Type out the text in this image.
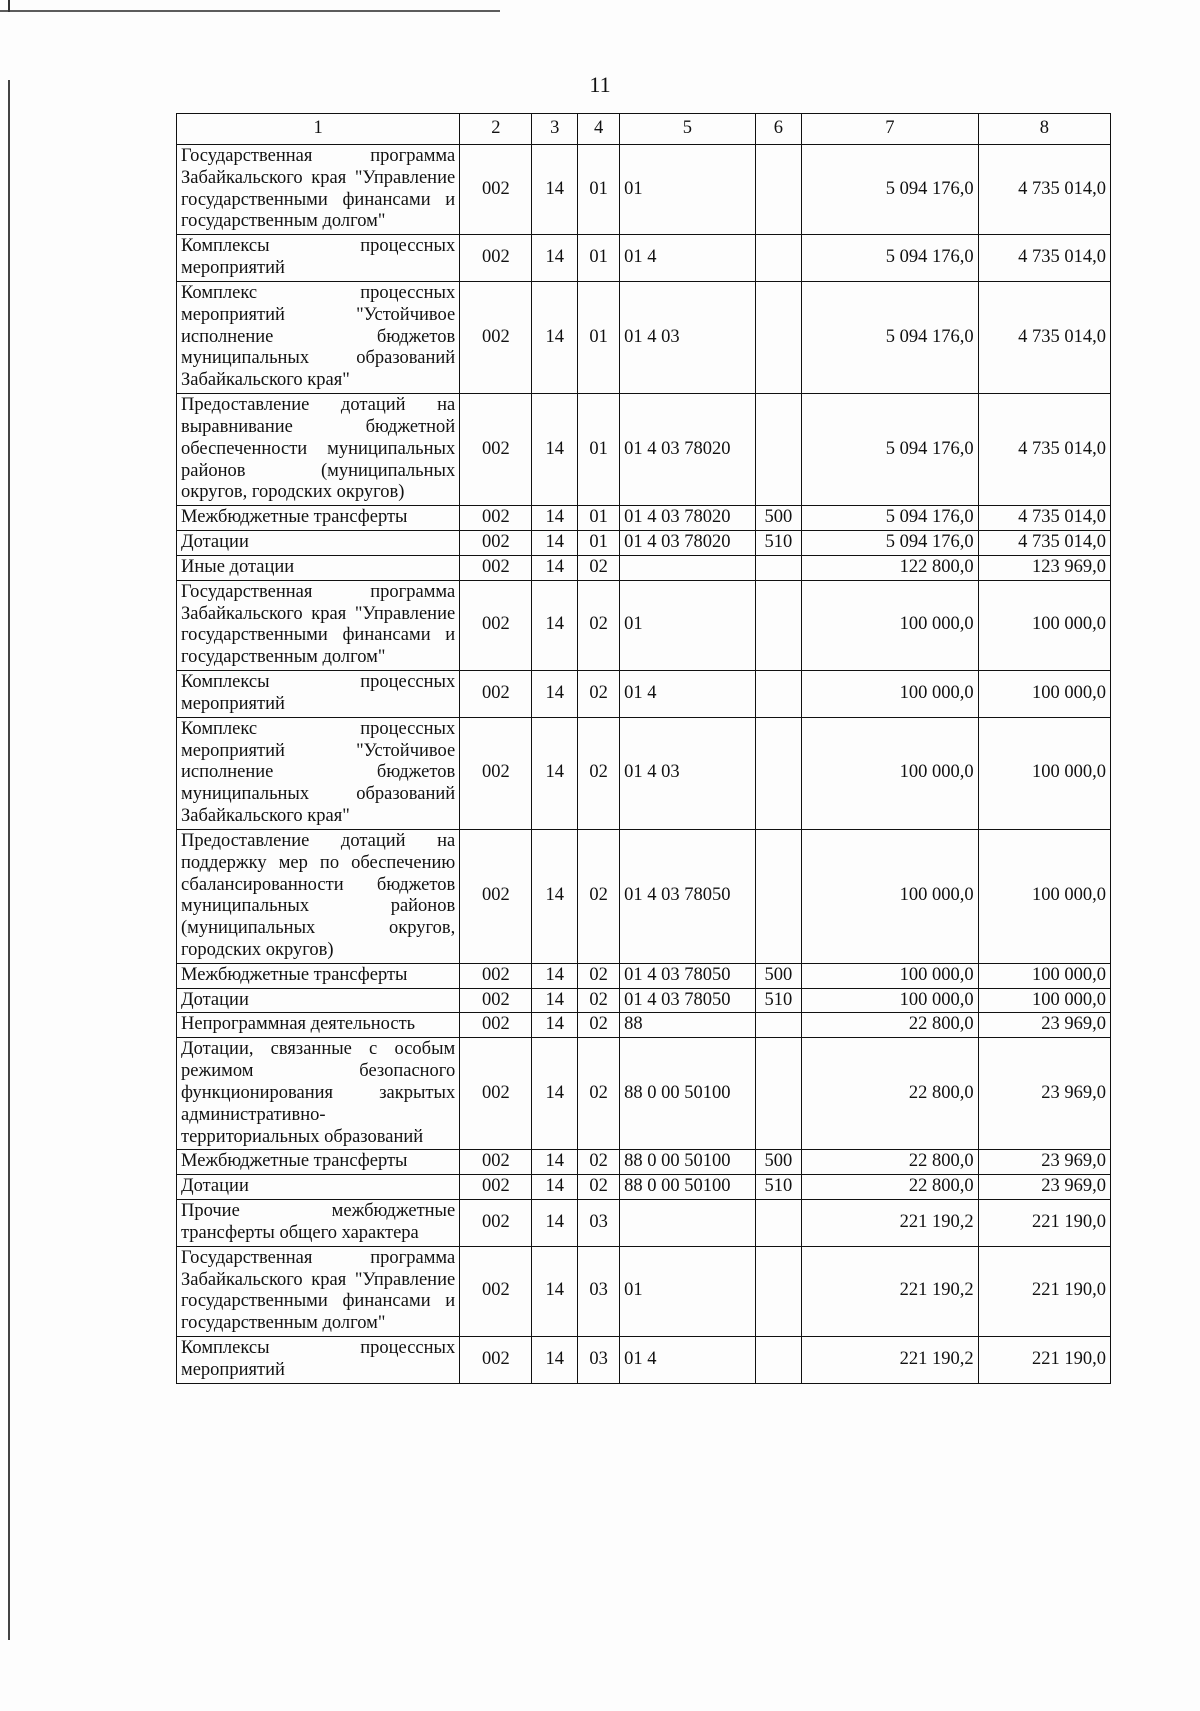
11
1	2	3	4	5	6	7	8
Государственная программа Забайкальского края "Управление государственными финансами и государственным долгом"	002	14	01	01		5 094 176,0	4 735 014,0
Комплексы процессных мероприятий	002	14	01	01 4		5 094 176,0	4 735 014,0
Комплекс процессных мероприятий "Устойчивое исполнение бюджетов муниципальных образований Забайкальского края"	002	14	01	01 4 03		5 094 176,0	4 735 014,0
Предоставление дотаций на выравнивание бюджетной обеспеченности муниципальных районов (муниципальных округов, городских округов)	002	14	01	01 4 03 78020		5 094 176,0	4 735 014,0
Межбюджетные трансферты	002	14	01	01 4 03 78020	500	5 094 176,0	4 735 014,0
Дотации	002	14	01	01 4 03 78020	510	5 094 176,0	4 735 014,0
Иные дотации	002	14	02			122 800,0	123 969,0
Государственная программа Забайкальского края "Управление государственными финансами и государственным долгом"	002	14	02	01		100 000,0	100 000,0
Комплексы процессных мероприятий	002	14	02	01 4		100 000,0	100 000,0
Комплекс процессных мероприятий "Устойчивое исполнение бюджетов муниципальных образований Забайкальского края"	002	14	02	01 4 03		100 000,0	100 000,0
Предоставление дотаций на поддержку мер по обеспечению сбалансированности бюджетов муниципальных районов (муниципальных округов, городских округов)	002	14	02	01 4 03 78050		100 000,0	100 000,0
Межбюджетные трансферты	002	14	02	01 4 03 78050	500	100 000,0	100 000,0
Дотации	002	14	02	01 4 03 78050	510	100 000,0	100 000,0
Непрограммная деятельность	002	14	02	88		22 800,0	23 969,0
Дотации, связанные с особым режимом безопасного функционирования закрытых административно-территориальных образований	002	14	02	88 0 00 50100		22 800,0	23 969,0
Межбюджетные трансферты	002	14	02	88 0 00 50100	500	22 800,0	23 969,0
Дотации	002	14	02	88 0 00 50100	510	22 800,0	23 969,0
Прочие межбюджетные трансферты общего характера	002	14	03			221 190,2	221 190,0
Государственная программа Забайкальского края "Управление государственными финансами и государственным долгом"	002	14	03	01		221 190,2	221 190,0
Комплексы процессных мероприятий	002	14	03	01 4		221 190,2	221 190,0
